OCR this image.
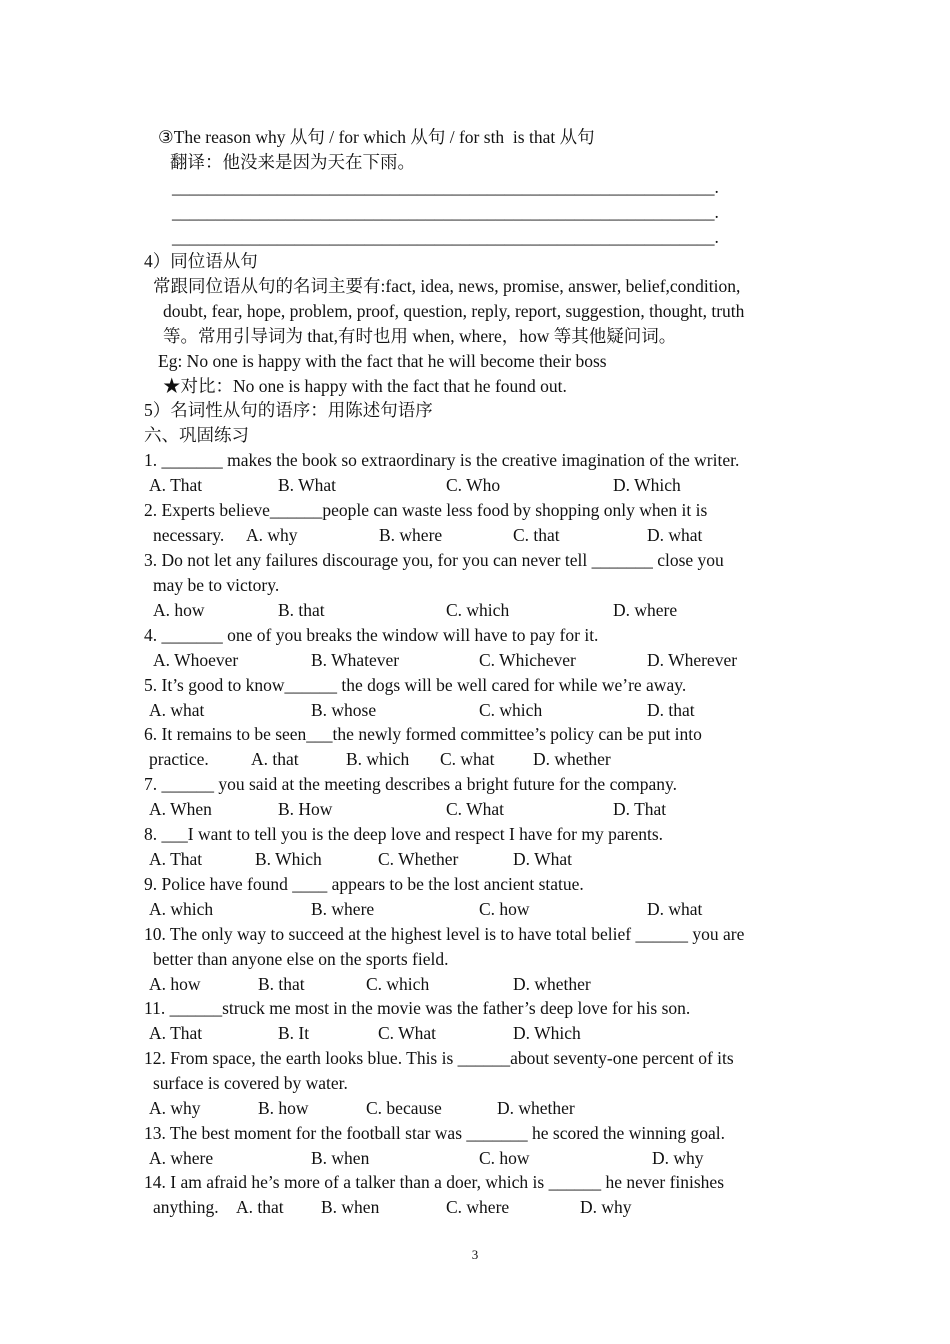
③The reason why 从句 / for which 从句 / for sth  is that 从句
翻译：他没来是因为天在下雨。
______________________________________________________________.
______________________________________________________________.
______________________________________________________________.
4）同位语从句
常跟同位语从句的名词主要有:fact, idea, news, promise, answer, belief,condition,
doubt, fear, hope, problem, proof, question, reply, report, suggestion, thought, truth
等。常用引导词为 that,有时也用 when, where，how 等其他疑问词。
Eg: No one is happy with the fact that he will become their boss
★对比：No one is happy with the fact that he found out.
5）名词性从句的语序：用陈述句语序
六、巩固练习
1. _______ makes the book so extraordinary is the creative imagination of the writer.
A. That	B. What	C. Who	D. Which
2. Experts believe______people can waste less food by shopping only when it is
necessary. A. why	B. where	C. that	D. what
3. Do not let any failures discourage you, for you can never tell _______ close you
may be to victory.
A. how	B. that	C. which	D. where
4. _______ one of you breaks the window will have to pay for it.
A. Whoever	B. Whatever	C. Whichever	D. Wherever
5. It’s good to know______ the dogs will be well cared for while we’re away.
A. what	B. whose	C. which	D. that
6. It remains to be seen___the newly formed committee’s policy can be put into
practice. A. that	B. which C. what D. whether
7. ______ you said at the meeting describes a bright future for the company.
A. When	B. How	C. What	D. That
8. ___I want to tell you is the deep love and respect I have for my parents.
A. That	B. Which	C. Whether	D. What
9. Police have found ____ appears to be the lost ancient statue.
A. which	B. where	C. how	D. what
10. The only way to succeed at the highest level is to have total belief ______ you are
better than anyone else on the sports field.
A. how	B. that	C. which	D. whether
11. ______struck me most in the movie was the father’s deep love for his son.
A. That	B. It	C. What	D. Which
12. From space, the earth looks blue. This is ______about seventy-one percent of its
surface is covered by water.
A. why	B. how	C. because	D. whether
13. The best moment for the football star was _______ he scored the winning goal.
A. where	B. when	C. how	D. why
14. I am afraid he’s more of a talker than a doer, which is ______ he never finishes
anything. A. that B. when	C. where	D. why
3
